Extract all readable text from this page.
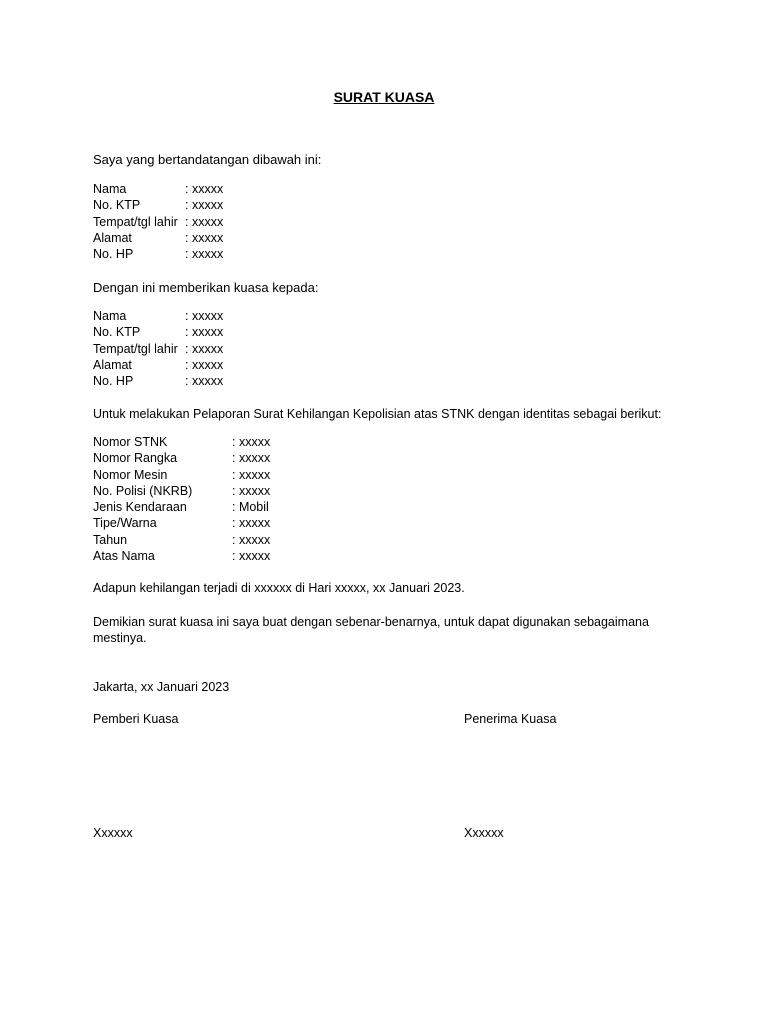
SURAT KUASA
Saya yang bertandatangan dibawah ini:
Nama	: xxxxx
No. KTP	: xxxxx
Tempat/tgl lahir : xxxxx
Alamat	: xxxxx
No. HP	: xxxxx
Dengan ini memberikan kuasa kepada:
Nama	: xxxxx
No. KTP	: xxxxx
Tempat/tgl lahir : xxxxx
Alamat	: xxxxx
No. HP	: xxxxx
Untuk melakukan Pelaporan Surat Kehilangan Kepolisian atas STNK dengan identitas sebagai berikut:
Nomor STNK	: xxxxx
Nomor Rangka	: xxxxx
Nomor Mesin	: xxxxx
No. Polisi (NKRB)	: xxxxx
Jenis Kendaraan	: Mobil
Tipe/Warna	: xxxxx
Tahun	: xxxxx
Atas Nama	: xxxxx
Adapun kehilangan terjadi di xxxxxx di Hari xxxxx, xx Januari 2023.
Demikian surat kuasa ini saya buat dengan sebenar-benarnya, untuk dapat digunakan sebagaimana mestinya.
Jakarta, xx Januari 2023
Pemberi Kuasa	Penerima Kuasa
Xxxxxx	Xxxxxx
